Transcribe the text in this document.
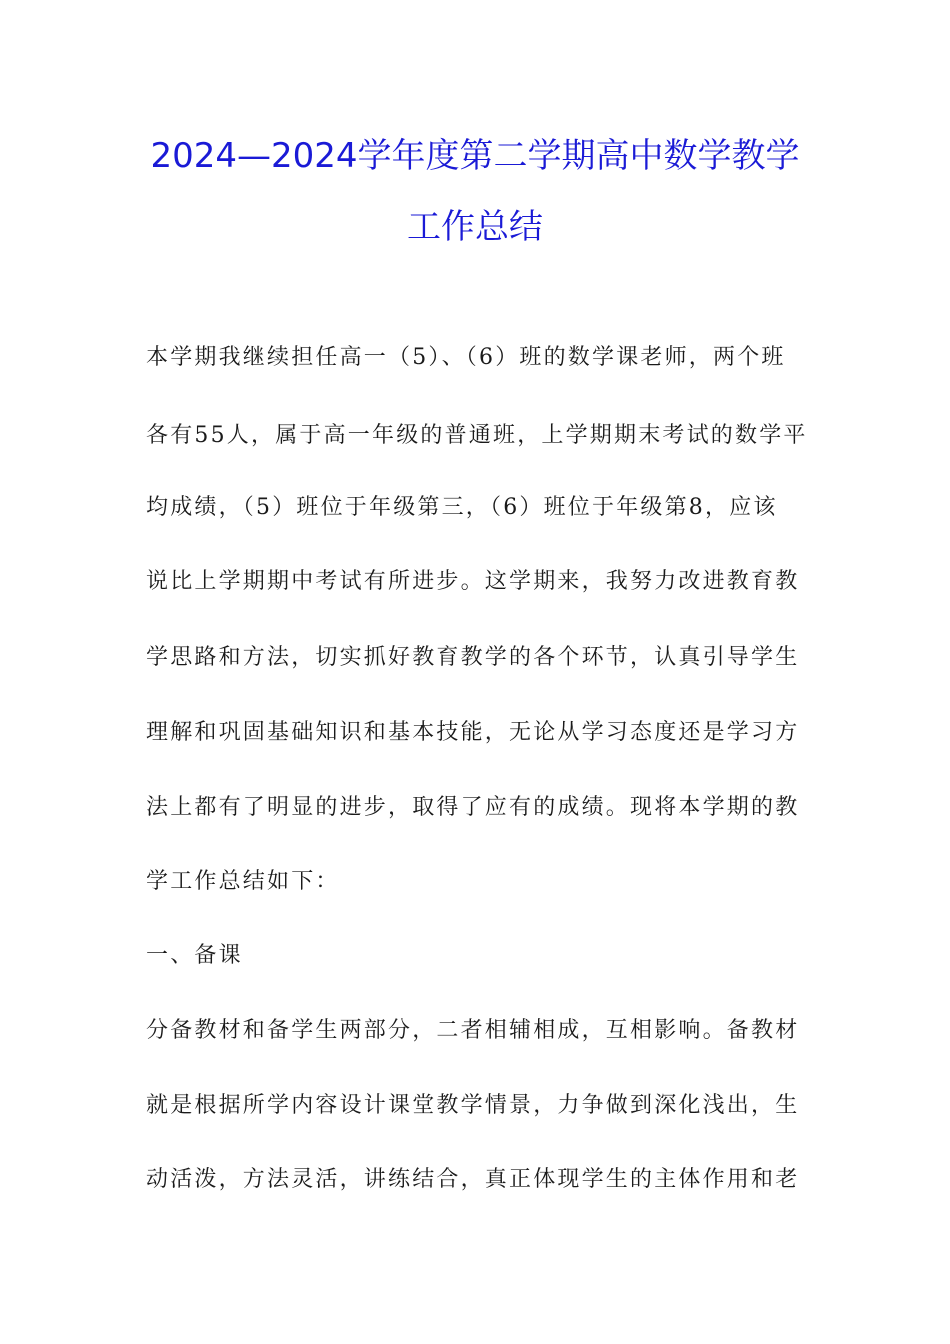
2024—2024学年度第二学期高中数学教学
工作总结
本学期我继续担任高一（5）、（6）班的数学课老师，两个班
各有55人，属于高一年级的普通班，上学期期末考试的数学平
均成绩，（5）班位于年级第三，（6）班位于年级第8，应该
说比上学期期中考试有所进步。这学期来，我努力改进教育教
学思路和方法，切实抓好教育教学的各个环节，认真引导学生
理解和巩固基础知识和基本技能，无论从学习态度还是学习方
法上都有了明显的进步，取得了应有的成绩。现将本学期的教
学工作总结如下：
一、备课
分备教材和备学生两部分，二者相辅相成，互相影响。备教材
就是根据所学内容设计课堂教学情景，力争做到深化浅出，生
动活泼，方法灵活，讲练结合，真正体现学生的主体作用和老
